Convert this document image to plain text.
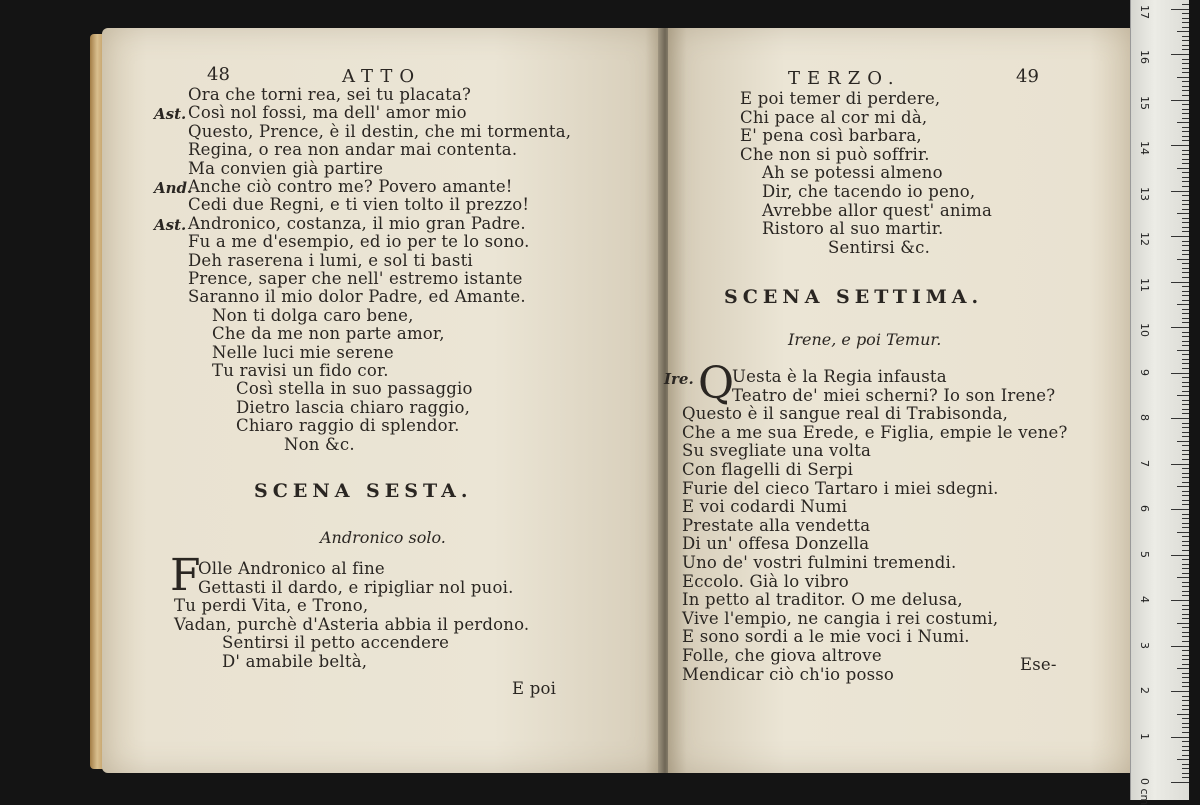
48	ATTO
Ora che torni rea, sei tu placata?
Ast. Così nol fossi, ma dell' amor mio
Questo, Prence, è il destin, che mi tormenta,
Regina, o rea non andar mai contenta.
Ma convien già partire
And.
Anche ciò contro me? Povero amante!
Cedi due Regni, e ti vien tolto il prezzo!
Ast. Andronico, costanza, il mio gran Padre.
Fu a me d'esempio, ed io per te lo sono.
Deh raserena i lumi, e sol ti basti
Prence, saper che nell' estremo istante
Saranno il mio dolor Padre, ed Amante.
Non ti dolga caro bene,
Che da me non parte amor,
Nelle luci mie serene
Tu ravisi un fido cor.
Così stella in suo passaggio
Dietro lascia chiaro raggio,
Chiaro raggio di splendor.
Non &c.
SCENA SESTA.
Andronico solo.
F
Olle Andronico al fine
Gettasti il dardo, e ripigliar nol puoi.
Tu perdi Vita, e Trono,
Vadan, purchè d'Asteria abbia il perdono.
Sentirsi il petto accendere
D' amabile beltà,
E poi
TERZO.	49
E poi temer di perdere,
Chi pace al cor mi dà,
E' pena così barbara,
Che non si può soffrir.
Ah se potessi almeno
Dir, che tacendo io peno,
Avrebbe allor quest' anima
Ristoro al suo martir.
Sentirsi &c.
SCENA SETTIMA.
Irene, e poi Temur.
Ire. Q
Uesta è la Regia infausta
Teatro de' miei scherni? Io son Irene?
Questo è il sangue real di Trabisonda,
Che a me sua Erede, e Figlia, empie le vene?
Su svegliate una volta
Con flagelli di Serpi
Furie del cieco Tartaro i miei sdegni.
E voi codardi Numi
Prestate alla vendetta
Di un' offesa Donzella
Uno de' vostri fulmini tremendi.
Eccolo. Già lo vibro
In petto al traditor. O me delusa,
Vive l'empio, ne cangia i rei costumi,
E sono sordi a le mie voci i Numi.
Folle, che giova altrove
Mendicar ciò ch'io posso
Ese-
0 cm
1
2
3
4
5
6
7
8
9
10
11
12
13
14
15
16
17
